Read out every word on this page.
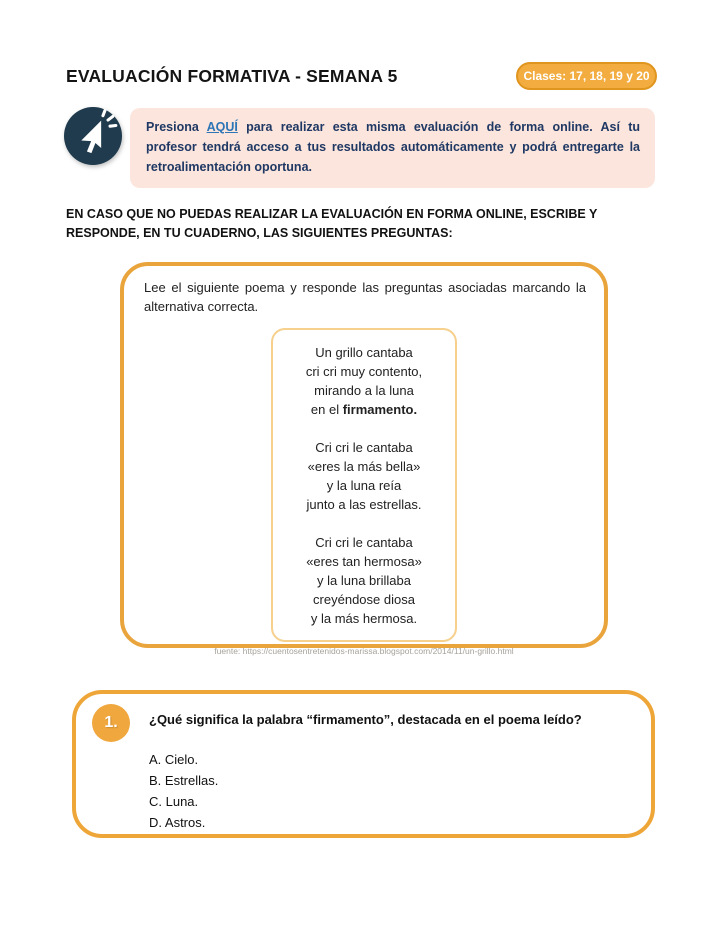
EVALUACIÓN FORMATIVA - SEMANA 5	Clases: 17, 18, 19 y 20

Presiona AQUÍ para realizar esta misma evaluación de forma online. Así tu profesor tendrá acceso a tus resultados automáticamente y podrá entregarte la retroalimentación oportuna.

EN CASO QUE NO PUEDAS REALIZAR LA EVALUACIÓN EN FORMA ONLINE, ESCRIBE Y RESPONDE, EN TU CUADERNO, LAS SIGUIENTES PREGUNTAS:

Lee el siguiente poema y responde las preguntas asociadas marcando la alternativa correcta.

Un grillo cantaba
cri cri muy contento,
mirando a la luna
en el firmamento.
Cri cri le cantaba
«eres la más bella»
y la luna reía
junto a las estrellas.
Cri cri le cantaba
«eres tan hermosa»
y la luna brillaba
creyéndose diosa
y la más hermosa.

fuente: https://cuentosentretenidos-marissa.blogspot.com/2014/11/un-grillo.html

1.	¿Qué significa la palabra “firmamento”, destacada en el poema leído?

A. Cielo.
B. Estrellas.
C. Luna.
D. Astros.
